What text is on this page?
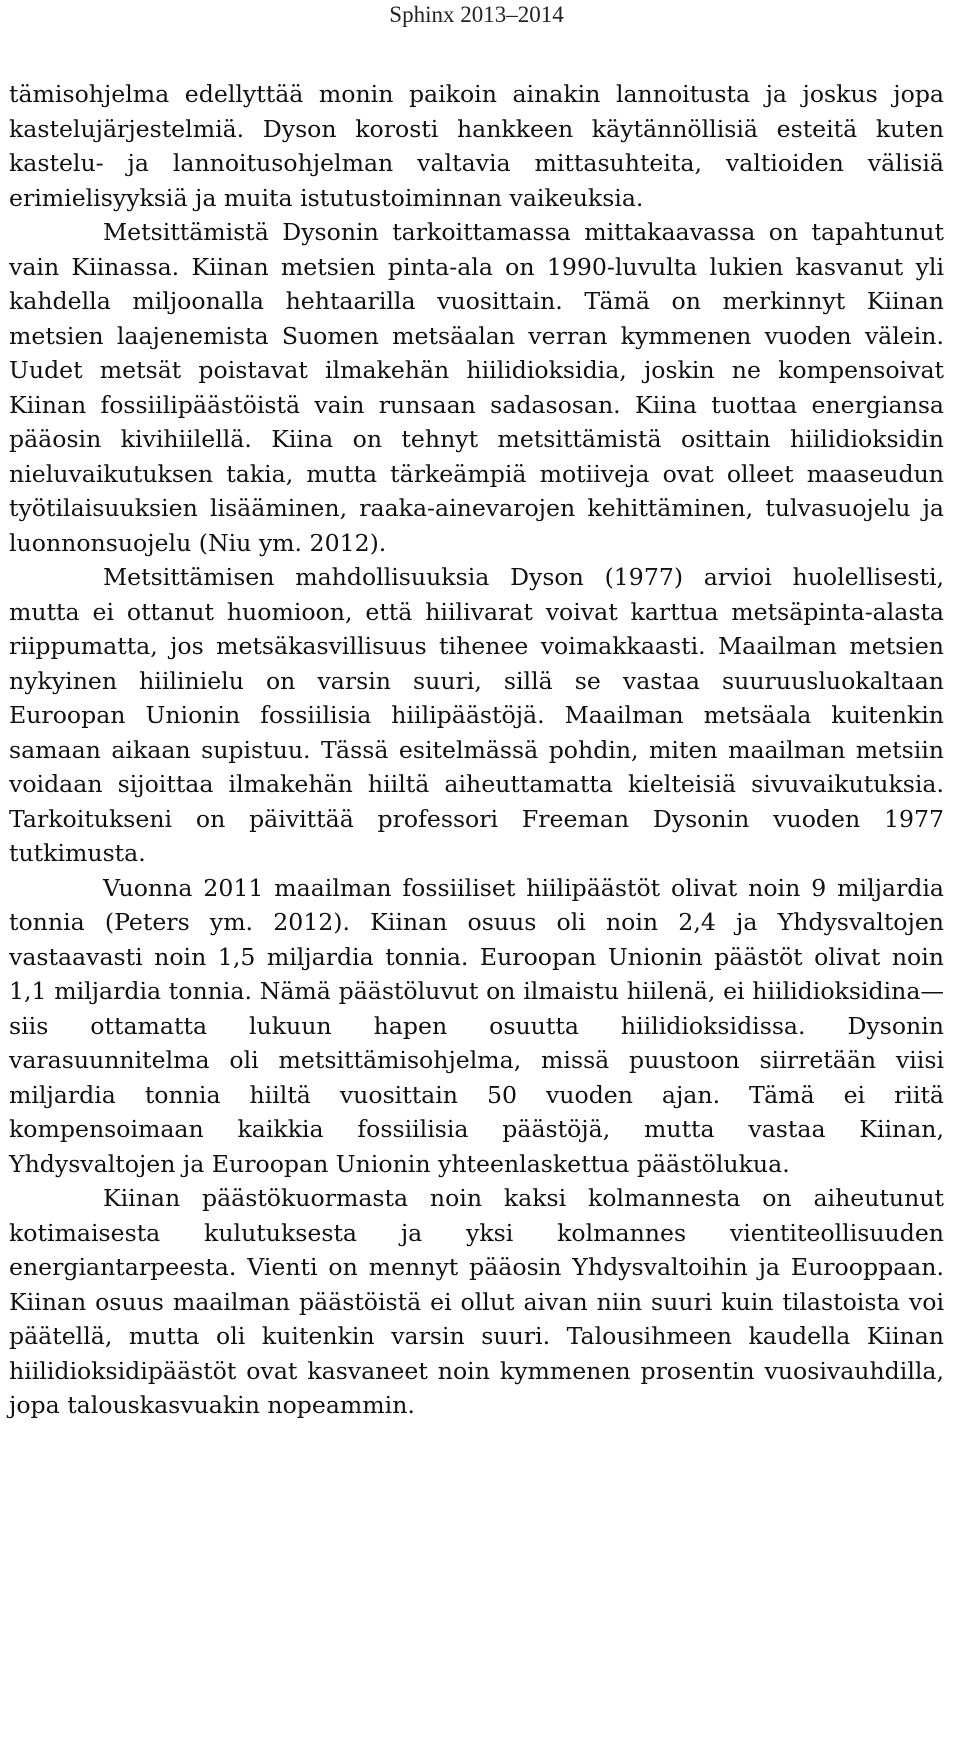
Sphinx 2013–2014

tämisohjelma edellyttää monin paikoin ainakin lannoitusta ja joskus jopa kastelujärjestelmiä. Dyson korosti hankkeen käytännöllisiä esteitä kuten kastelu- ja lannoitusohjelman valtavia mittasuhteita, valtioiden välisiä erimielisyyksiä ja muita istutustoiminnan vaikeuksia.

Metsittämistä Dysonin tarkoittamassa mittakaavassa on tapahtunut vain Kiinassa. Kiinan metsien pinta-ala on 1990-luvulta lukien kasvanut yli kahdella miljoonalla hehtaarilla vuosittain. Tämä on merkinnyt Kiinan metsien laajenemista Suomen metsäalan verran kymmenen vuoden välein. Uudet metsät poistavat ilmakehän hiilidioksidia, joskin ne kompensoivat Kiinan fossiilipäästöistä vain runsaan sadasosan. Kiina tuottaa energiansa pääosin kivihiilellä. Kiina on tehnyt metsittämistä osittain hiilidioksidin nieluvaikutuksen takia, mutta tärkeämpiä motiiveja ovat olleet maaseudun työtilaisuuksien lisääminen, raaka-ainevarojen kehittäminen, tulvasuojelu ja luonnonsuojelu (Niu ym. 2012).

Metsittämisen mahdollisuuksia Dyson (1977) arvioi huolellisesti, mutta ei ottanut huomioon, että hiilivarat voivat karttua metsäpinta-alasta riippumatta, jos metsäkasvillisuus tihenee voimakkaasti. Maailman metsien nykyinen hiilinielu on varsin suuri, sillä se vastaa suuruusluokaltaan Euroopan Unionin fossiilisia hiilipäästöjä. Maailman metsäala kuitenkin samaan aikaan supistuu. Tässä esitelmässä pohdin, miten maailman metsiin voidaan sijoittaa ilmakehän hiiltä aiheuttamatta kielteisiä sivuvaikutuksia. Tarkoitukseni on päivittää professori Freeman Dysonin vuoden 1977 tutkimusta.

Vuonna 2011 maailman fossiiliset hiilipäästöt olivat noin 9 miljardia tonnia (Peters ym. 2012). Kiinan osuus oli noin 2,4 ja Yhdysvaltojen vastaavasti noin 1,5 miljardia tonnia. Euroopan Unionin päästöt olivat noin 1,1 miljardia tonnia. Nämä päästöluvut on ilmaistu hiilenä, ei hiilidioksidina—siis ottamatta lukuun hapen osuutta hiilidioksidissa. Dysonin varasuunnitelma oli metsittämisohjelma, missä puustoon siirretään viisi miljardia tonnia hiiltä vuosittain 50 vuoden ajan. Tämä ei riitä kompensoimaan kaikkia fossiilisia päästöjä, mutta vastaa Kiinan, Yhdysvaltojen ja Euroopan Unionin yhteenlaskettua päästölukua.

Kiinan päästökuormasta noin kaksi kolmannesta on aiheutunut kotimaisesta kulutuksesta ja yksi kolmannes vientiteollisuuden energiantarpeesta. Vienti on mennyt pääosin Yhdysvaltoihin ja Eurooppaan. Kiinan osuus maailman päästöistä ei ollut aivan niin suuri kuin tilastoista voi päätellä, mutta oli kuitenkin varsin suuri. Talousihmeen kaudella Kiinan hiilidioksidipäästöt ovat kasvaneet noin kymmenen prosentin vuosivauhdilla, jopa talouskasvuakin nopeammin.
